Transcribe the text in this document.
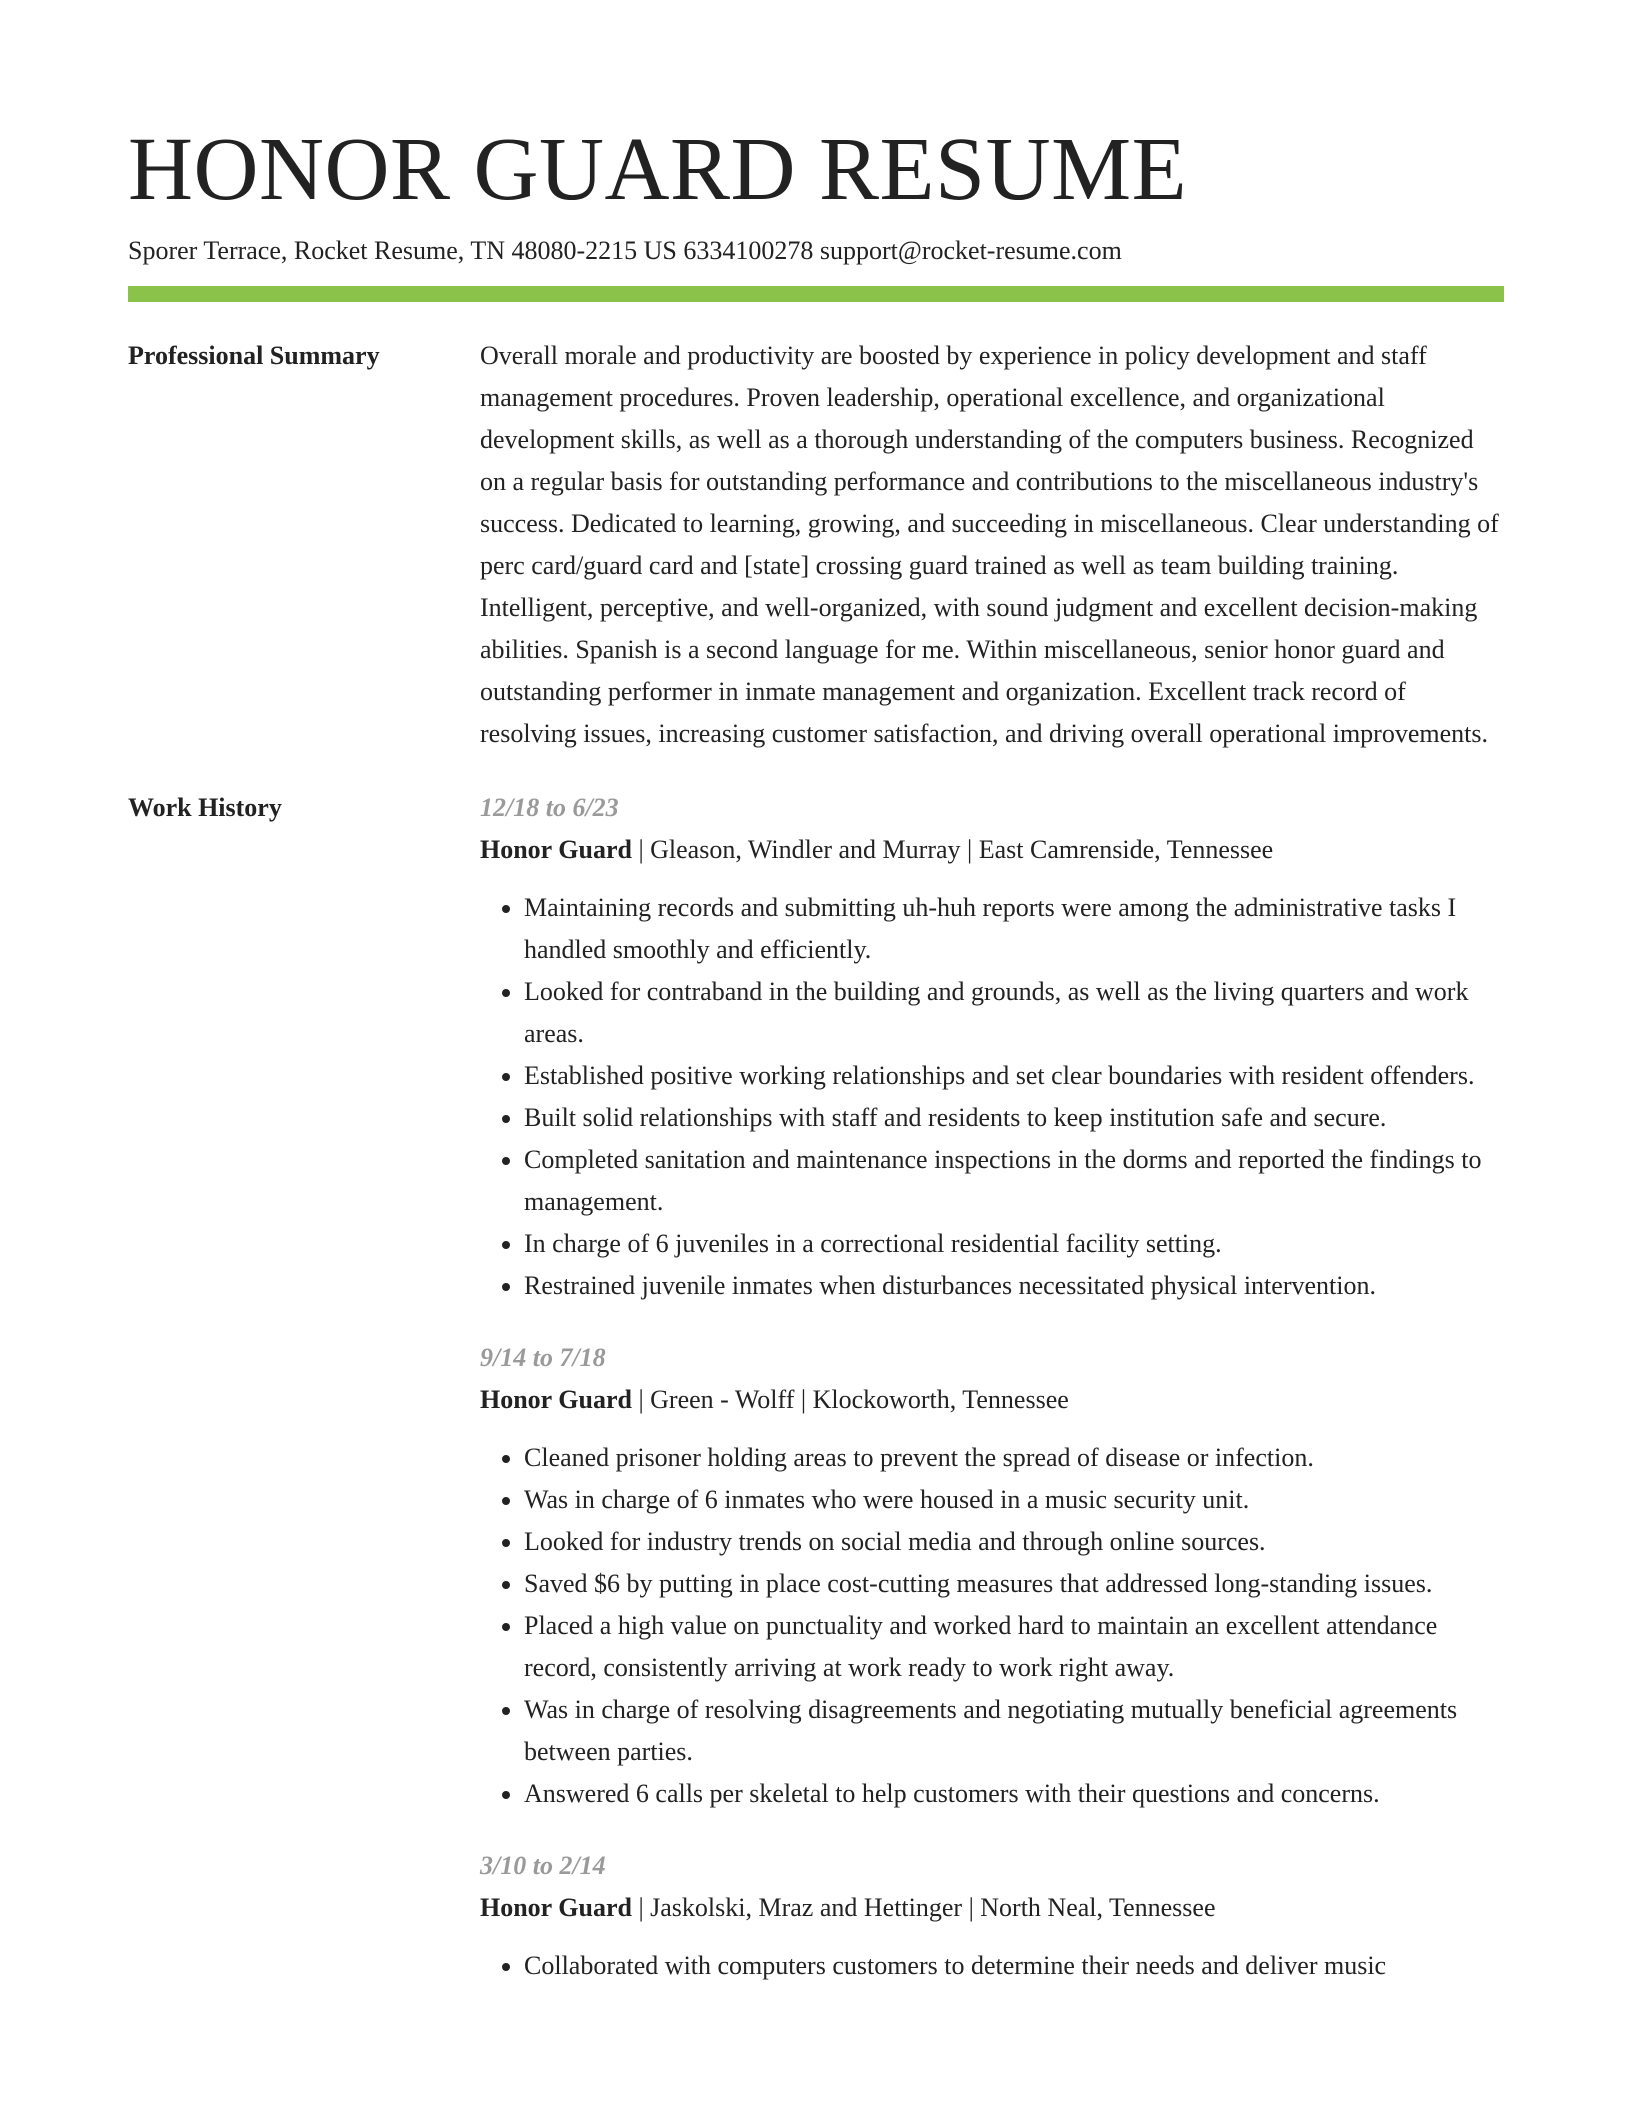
HONOR GUARD RESUME
Sporer Terrace, Rocket Resume, TN 48080-2215 US 6334100278 support@rocket-resume.com
Professional Summary	Overall morale and productivity are boosted by experience in policy development and staff management procedures. Proven leadership, operational excellence, and organizational development skills, as well as a thorough understanding of the computers business. Recognized on a regular basis for outstanding performance and contributions to the miscellaneous industry's success. Dedicated to learning, growing, and succeeding in miscellaneous. Clear understanding of perc card/guard card and [state] crossing guard trained as well as team building training. Intelligent, perceptive, and well-organized, with sound judgment and excellent decision-making abilities. Spanish is a second language for me. Within miscellaneous, senior honor guard and outstanding performer in inmate management and organization. Excellent track record of resolving issues, increasing customer satisfaction, and driving overall operational improvements.

Work History	12/18 to 6/23
Honor Guard | Gleason, Windler and Murray | East Camrenside, Tennessee
• Maintaining records and submitting uh-huh reports were among the administrative tasks I handled smoothly and efficiently.
• Looked for contraband in the building and grounds, as well as the living quarters and work areas.
• Established positive working relationships and set clear boundaries with resident offenders.
• Built solid relationships with staff and residents to keep institution safe and secure.
• Completed sanitation and maintenance inspections in the dorms and reported the findings to management.
• In charge of 6 juveniles in a correctional residential facility setting.
• Restrained juvenile inmates when disturbances necessitated physical intervention.
9/14 to 7/18
Honor Guard | Green - Wolff | Klockoworth, Tennessee
• Cleaned prisoner holding areas to prevent the spread of disease or infection.
• Was in charge of 6 inmates who were housed in a music security unit.
• Looked for industry trends on social media and through online sources.
• Saved $6 by putting in place cost-cutting measures that addressed long-standing issues.
• Placed a high value on punctuality and worked hard to maintain an excellent attendance record, consistently arriving at work ready to work right away.
• Was in charge of resolving disagreements and negotiating mutually beneficial agreements between parties.
• Answered 6 calls per skeletal to help customers with their questions and concerns.
3/10 to 2/14
Honor Guard | Jaskolski, Mraz and Hettinger | North Neal, Tennessee
• Collaborated with computers customers to determine their needs and deliver music
